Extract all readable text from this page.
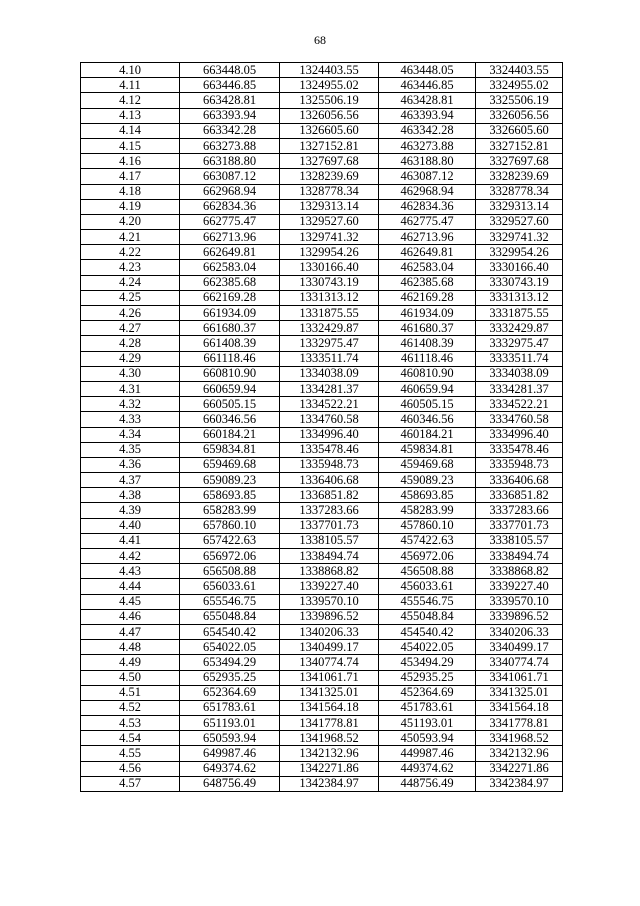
68
4.10	663448.05	1324403.55	463448.05	3324403.55
4.11	663446.85	1324955.02	463446.85	3324955.02
4.12	663428.81	1325506.19	463428.81	3325506.19
4.13	663393.94	1326056.56	463393.94	3326056.56
4.14	663342.28	1326605.60	463342.28	3326605.60
4.15	663273.88	1327152.81	463273.88	3327152.81
4.16	663188.80	1327697.68	463188.80	3327697.68
4.17	663087.12	1328239.69	463087.12	3328239.69
4.18	662968.94	1328778.34	462968.94	3328778.34
4.19	662834.36	1329313.14	462834.36	3329313.14
4.20	662775.47	1329527.60	462775.47	3329527.60
4.21	662713.96	1329741.32	462713.96	3329741.32
4.22	662649.81	1329954.26	462649.81	3329954.26
4.23	662583.04	1330166.40	462583.04	3330166.40
4.24	662385.68	1330743.19	462385.68	3330743.19
4.25	662169.28	1331313.12	462169.28	3331313.12
4.26	661934.09	1331875.55	461934.09	3331875.55
4.27	661680.37	1332429.87	461680.37	3332429.87
4.28	661408.39	1332975.47	461408.39	3332975.47
4.29	661118.46	1333511.74	461118.46	3333511.74
4.30	660810.90	1334038.09	460810.90	3334038.09
4.31	660659.94	1334281.37	460659.94	3334281.37
4.32	660505.15	1334522.21	460505.15	3334522.21
4.33	660346.56	1334760.58	460346.56	3334760.58
4.34	660184.21	1334996.40	460184.21	3334996.40
4.35	659834.81	1335478.46	459834.81	3335478.46
4.36	659469.68	1335948.73	459469.68	3335948.73
4.37	659089.23	1336406.68	459089.23	3336406.68
4.38	658693.85	1336851.82	458693.85	3336851.82
4.39	658283.99	1337283.66	458283.99	3337283.66
4.40	657860.10	1337701.73	457860.10	3337701.73
4.41	657422.63	1338105.57	457422.63	3338105.57
4.42	656972.06	1338494.74	456972.06	3338494.74
4.43	656508.88	1338868.82	456508.88	3338868.82
4.44	656033.61	1339227.40	456033.61	3339227.40
4.45	655546.75	1339570.10	455546.75	3339570.10
4.46	655048.84	1339896.52	455048.84	3339896.52
4.47	654540.42	1340206.33	454540.42	3340206.33
4.48	654022.05	1340499.17	454022.05	3340499.17
4.49	653494.29	1340774.74	453494.29	3340774.74
4.50	652935.25	1341061.71	452935.25	3341061.71
4.51	652364.69	1341325.01	452364.69	3341325.01
4.52	651783.61	1341564.18	451783.61	3341564.18
4.53	651193.01	1341778.81	451193.01	3341778.81
4.54	650593.94	1341968.52	450593.94	3341968.52
4.55	649987.46	1342132.96	449987.46	3342132.96
4.56	649374.62	1342271.86	449374.62	3342271.86
4.57	648756.49	1342384.97	448756.49	3342384.97
